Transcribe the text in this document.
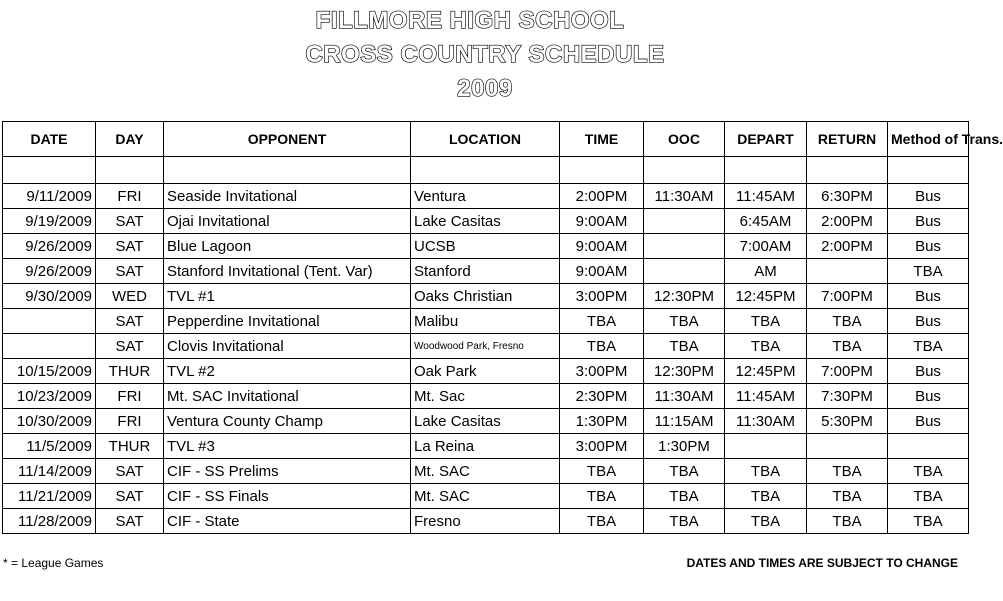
FILLMORE HIGH SCHOOL
CROSS COUNTRY SCHEDULE
2009
DATE	DAY	OPPONENT	LOCATION	TIME	OOC	DEPART	RETURN	Method of Trans.

9/11/2009	FRI	Seaside Invitational	Ventura	2:00PM	11:30AM	11:45AM	6:30PM	Bus
9/19/2009	SAT	Ojai Invitational	Lake Casitas	9:00AM		6:45AM	2:00PM	Bus
9/26/2009	SAT	Blue Lagoon	UCSB	9:00AM		7:00AM	2:00PM	Bus
9/26/2009	SAT	Stanford Invitational (Tent. Var)	Stanford	9:00AM		AM		TBA
9/30/2009	WED	TVL #1	Oaks Christian	3:00PM	12:30PM	12:45PM	7:00PM	Bus
	SAT	Pepperdine Invitational	Malibu	TBA	TBA	TBA	TBA	Bus
	SAT	Clovis Invitational	Woodwood Park, Fresno	TBA	TBA	TBA	TBA	TBA
10/15/2009	THUR	TVL #2	Oak Park	3:00PM	12:30PM	12:45PM	7:00PM	Bus
10/23/2009	FRI	Mt. SAC Invitational	Mt. Sac	2:30PM	11:30AM	11:45AM	7:30PM	Bus
10/30/2009	FRI	Ventura County Champ	Lake Casitas	1:30PM	11:15AM	11:30AM	5:30PM	Bus
11/5/2009	THUR	TVL #3	La Reina	3:00PM	1:30PM			
11/14/2009	SAT	CIF - SS Prelims	Mt. SAC	TBA	TBA	TBA	TBA	TBA
11/21/2009	SAT	CIF - SS Finals	Mt. SAC	TBA	TBA	TBA	TBA	TBA
11/28/2009	SAT	CIF - State	Fresno	TBA	TBA	TBA	TBA	TBA
* = League Games	DATES AND TIMES ARE SUBJECT TO CHANGE
